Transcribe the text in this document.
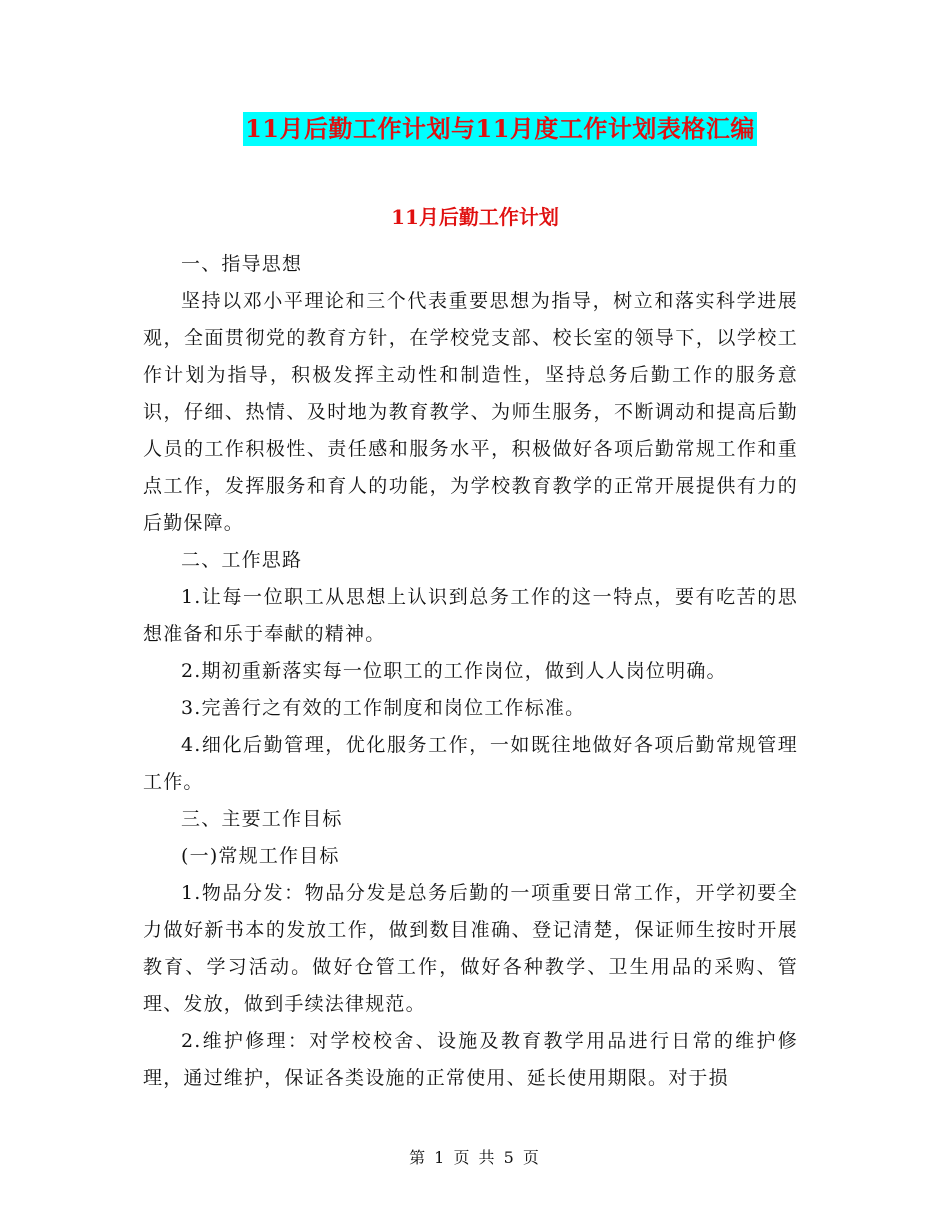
11月后勤工作计划与11月度工作计划表格汇编
11月后勤工作计划

一、指导思想

坚持以邓小平理论和三个代表重要思想为指导，树立和落实科学进展观，全面贯彻党的教育方针，在学校党支部、校长室的领导下，以学校工作计划为指导，积极发挥主动性和制造性，坚持总务后勤工作的服务意识，仔细、热情、及时地为教育教学、为师生服务，不断调动和提高后勤人员的工作积极性、责任感和服务水平，积极做好各项后勤常规工作和重点工作，发挥服务和育人的功能，为学校教育教学的正常开展提供有力的后勤保障。

二、工作思路

1.让每一位职工从思想上认识到总务工作的这一特点，要有吃苦的思想准备和乐于奉献的精神。

2.期初重新落实每一位职工的工作岗位，做到人人岗位明确。

3.完善行之有效的工作制度和岗位工作标准。

4.细化后勤管理，优化服务工作，一如既往地做好各项后勤常规管理工作。

三、主要工作目标

(一)常规工作目标

1.物品分发：物品分发是总务后勤的一项重要日常工作，开学初要全力做好新书本的发放工作，做到数目准确、登记清楚，保证师生按时开展教育、学习活动。做好仓管工作，做好各种教学、卫生用品的采购、管理、发放，做到手续法律规范。

2.维护修理：对学校校舍、设施及教育教学用品进行日常的维护修理，通过维护，保证各类设施的正常使用、延长使用期限。对于损

第 1 页 共 5 页
